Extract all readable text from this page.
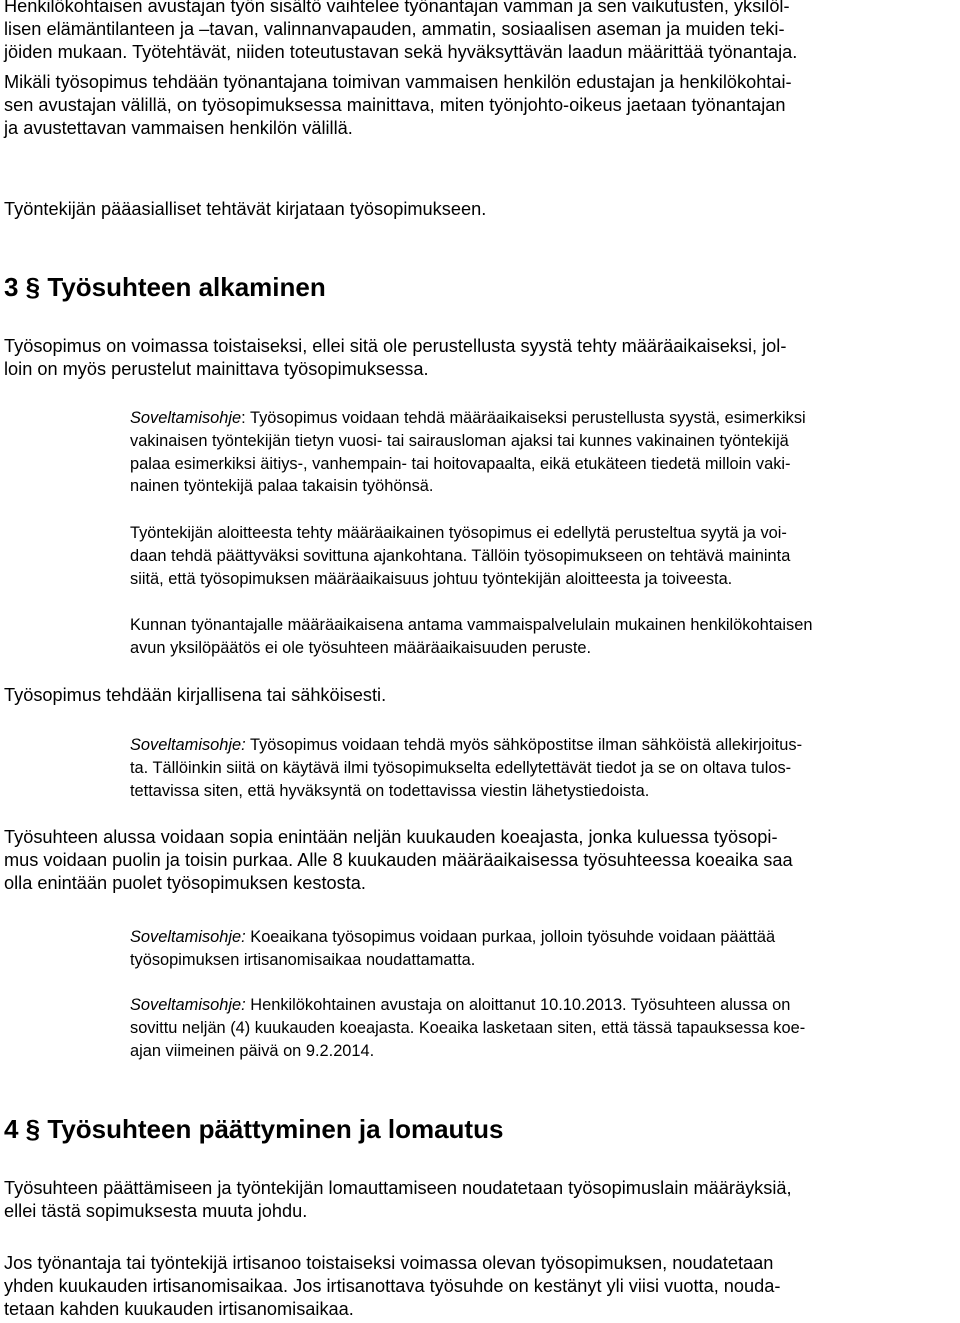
Henkilökohtaisen avustajan työn sisältö vaihtelee työnantajan vamman ja sen vaikutusten, yksilöl-
lisen elämäntilanteen ja –tavan, valinnanvapauden, ammatin, sosiaalisen aseman ja muiden teki-
jöiden mukaan. Työtehtävät, niiden toteutustavan sekä hyväksyttävän laadun määrittää työnantaja.

Mikäli työsopimus tehdään työnantajana toimivan vammaisen henkilön edustajan ja henkilökohtai-
sen avustajan välillä, on työsopimuksessa mainittava, miten työnjohto-oikeus jaetaan työnantajan
ja avustettavan vammaisen henkilön välillä.

Työntekijän pääasialliset tehtävät kirjataan työsopimukseen.

3 § Työsuhteen alkaminen

Työsopimus on voimassa toistaiseksi, ellei sitä ole perustellusta syystä tehty määräaikaiseksi, jol-
loin on myös perustelut mainittava työsopimuksessa.

Soveltamisohje: Työsopimus voidaan tehdä määräaikaiseksi perustellusta syystä, esimerkiksi
vakinaisen työntekijän tietyn vuosi- tai sairausloman ajaksi tai kunnes vakinainen työntekijä
palaa esimerkiksi äitiys-, vanhempain- tai hoitovapaalta, eikä etukäteen tiedetä milloin vaki-
nainen työntekijä palaa takaisin työhönsä.

Työntekijän aloitteesta tehty määräaikainen työsopimus ei edellytä perusteltua syytä ja voi-
daan tehdä päättyväksi sovittuna ajankohtana. Tällöin työsopimukseen on tehtävä maininta
siitä, että työsopimuksen määräaikaisuus johtuu työntekijän aloitteesta ja toiveesta.

Kunnan työnantajalle määräaikaisena antama vammaispalvelulain mukainen henkilökohtaisen
avun yksilöpäätös ei ole työsuhteen määräaikaisuuden peruste.

Työsopimus tehdään kirjallisena tai sähköisesti.

Soveltamisohje: Työsopimus voidaan tehdä myös sähköpostitse ilman sähköistä allekirjoitus-
ta. Tällöinkin siitä on käytävä ilmi työsopimukselta edellytettävät tiedot ja se on oltava tulos-
tettavissa siten, että hyväksyntä on todettavissa viestin lähetystiedoista.

Työsuhteen alussa voidaan sopia enintään neljän kuukauden koeajasta, jonka kuluessa työsopi-
mus voidaan puolin ja toisin purkaa. Alle 8 kuukauden määräaikaisessa työsuhteessa koeaika saa
olla enintään puolet työsopimuksen kestosta.

Soveltamisohje: Koeaikana työsopimus voidaan purkaa, jolloin työsuhde voidaan päättää
työsopimuksen irtisanomisaikaa noudattamatta.

Soveltamisohje: Henkilökohtainen avustaja on aloittanut 10.10.2013. Työsuhteen alussa on
sovittu neljän (4) kuukauden koeajasta. Koeaika lasketaan siten, että tässä tapauksessa koe-
ajan viimeinen päivä on 9.2.2014.

4 § Työsuhteen päättyminen ja lomautus

Työsuhteen päättämiseen ja työntekijän lomauttamiseen noudatetaan työsopimuslain määräyksiä,
ellei tästä sopimuksesta muuta johdu.

Jos työnantaja tai työntekijä irtisanoo toistaiseksi voimassa olevan työsopimuksen, noudatetaan
yhden kuukauden irtisanomisaikaa. Jos irtisanottava työsuhde on kestänyt yli viisi vuotta, nouda-
tetaan kahden kuukauden irtisanomisaikaa.
